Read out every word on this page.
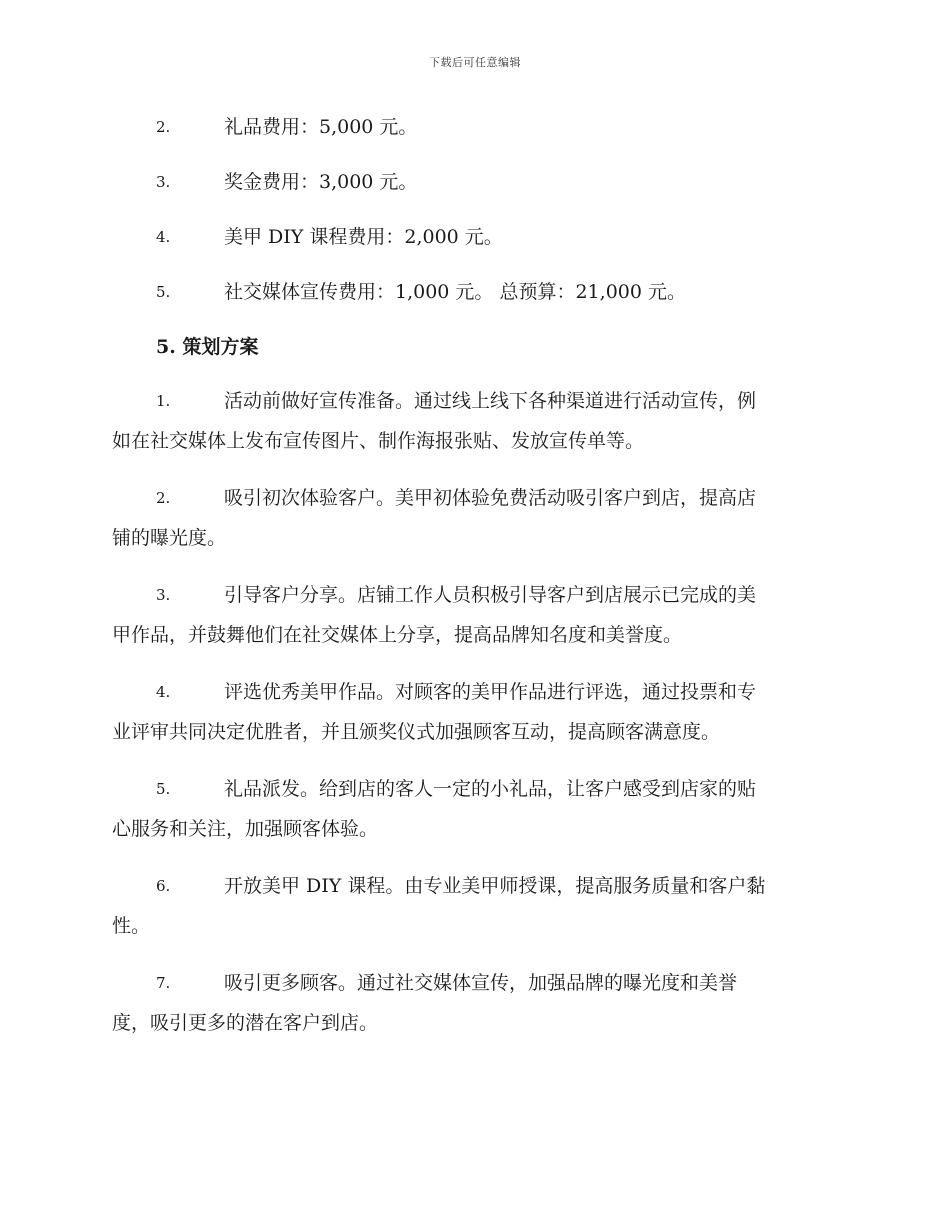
下载后可任意编辑
2.	礼品费用：5,000 元。
3.	奖金费用：3,000 元。
4.	美甲 DIY 课程费用：2,000 元。
5.	社交媒体宣传费用：1,000 元。 总预算：21,000 元。
5. 策划方案
1.	活动前做好宣传准备。通过线上线下各种渠道进行活动宣传，例
如在社交媒体上发布宣传图片、制作海报张贴、发放宣传单等。
2.	吸引初次体验客户。美甲初体验免费活动吸引客户到店，提高店
铺的曝光度。
3.	引导客户分享。店铺工作人员积极引导客户到店展示已完成的美
甲作品，并鼓舞他们在社交媒体上分享，提高品牌知名度和美誉度。
4.	评选优秀美甲作品。对顾客的美甲作品进行评选，通过投票和专
业评审共同决定优胜者，并且颁奖仪式加强顾客互动，提高顾客满意度。
5.	礼品派发。给到店的客人一定的小礼品，让客户感受到店家的贴
心服务和关注，加强顾客体验。
6.	开放美甲 DIY 课程。由专业美甲师授课，提高服务质量和客户黏
性。
7.	吸引更多顾客。通过社交媒体宣传，加强品牌的曝光度和美誉
度，吸引更多的潜在客户到店。
